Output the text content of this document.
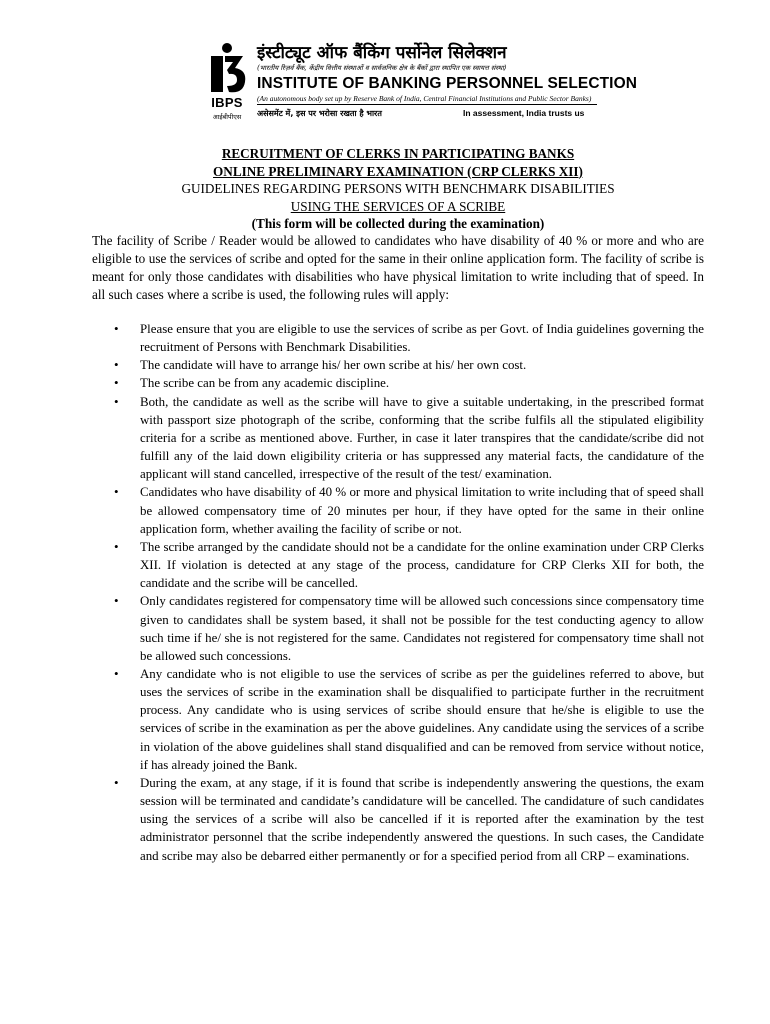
IBPS
आईबीपीएस
इंस्टीट्यूट ऑफ बैंकिंग पर्सोनेल सिलेक्शन
(भारतीय रिज़र्व बैंक, केंद्रीय वित्तीय संस्थाओं व सार्वजनिक क्षेत्र के बैंकों द्वारा स्थापित एक स्वायत्त संस्था)
INSTITUTE OF BANKING PERSONNEL SELECTION
(An autonomous body set up by Reserve Bank of India, Central Financial Institutions and Public Sector Banks)
असेसमेंट में, इस पर भरोसा रखता है भारत	In assessment, India trusts us
RECRUITMENT OF CLERKS IN PARTICIPATING BANKS
ONLINE PRELIMINARY EXAMINATION (CRP CLERKS XII)
GUIDELINES REGARDING PERSONS WITH BENCHMARK DISABILITIES
USING THE SERVICES OF A SCRIBE
(This form will be collected during the examination)

The facility of Scribe / Reader would be allowed to candidates who have disability of 40 % or more and who are eligible to use the services of scribe and opted for the same in their online application form. The facility of scribe is meant for only those candidates with disabilities who have physical limitation to write including that of speed. In all such cases where a scribe is used, the following rules will apply:

• Please ensure that you are eligible to use the services of scribe as per Govt. of India guidelines governing the recruitment of Persons with Benchmark Disabilities.
• The candidate will have to arrange his/ her own scribe at his/ her own cost.
• The scribe can be from any academic discipline.
• Both, the candidate as well as the scribe will have to give a suitable undertaking, in the prescribed format with passport size photograph of the scribe, conforming that the scribe fulfils all the stipulated eligibility criteria for a scribe as mentioned above. Further, in case it later transpires that the candidate/scribe did not fulfill any of the laid down eligibility criteria or has suppressed any material facts, the candidature of the applicant will stand cancelled, irrespective of the result of the test/ examination.
• Candidates who have disability of 40 % or more and physical limitation to write including that of speed shall be allowed compensatory time of 20 minutes per hour, if they have opted for the same in their online application form, whether availing the facility of scribe or not.
• The scribe arranged by the candidate should not be a candidate for the online examination under CRP Clerks XII. If violation is detected at any stage of the process, candidature for CRP Clerks XII for both, the candidate and the scribe will be cancelled.
• Only candidates registered for compensatory time will be allowed such concessions since compensatory time given to candidates shall be system based, it shall not be possible for the test conducting agency to allow such time if he/ she is not registered for the same. Candidates not registered for compensatory time shall not be allowed such concessions.
• Any candidate who is not eligible to use the services of scribe as per the guidelines referred to above, but uses the services of scribe in the examination shall be disqualified to participate further in the recruitment process. Any candidate who is using services of scribe should ensure that he/she is eligible to use the services of scribe in the examination as per the above guidelines. Any candidate using the services of a scribe in violation of the above guidelines shall stand disqualified and can be removed from service without notice, if has already joined the Bank.
• During the exam, at any stage, if it is found that scribe is independently answering the questions, the exam session will be terminated and candidate’s candidature will be cancelled. The candidature of such candidates using the services of a scribe will also be cancelled if it is reported after the examination by the test administrator personnel that the scribe independently answered the questions. In such cases, the Candidate and scribe may also be debarred either permanently or for a specified period from all CRP – examinations.
